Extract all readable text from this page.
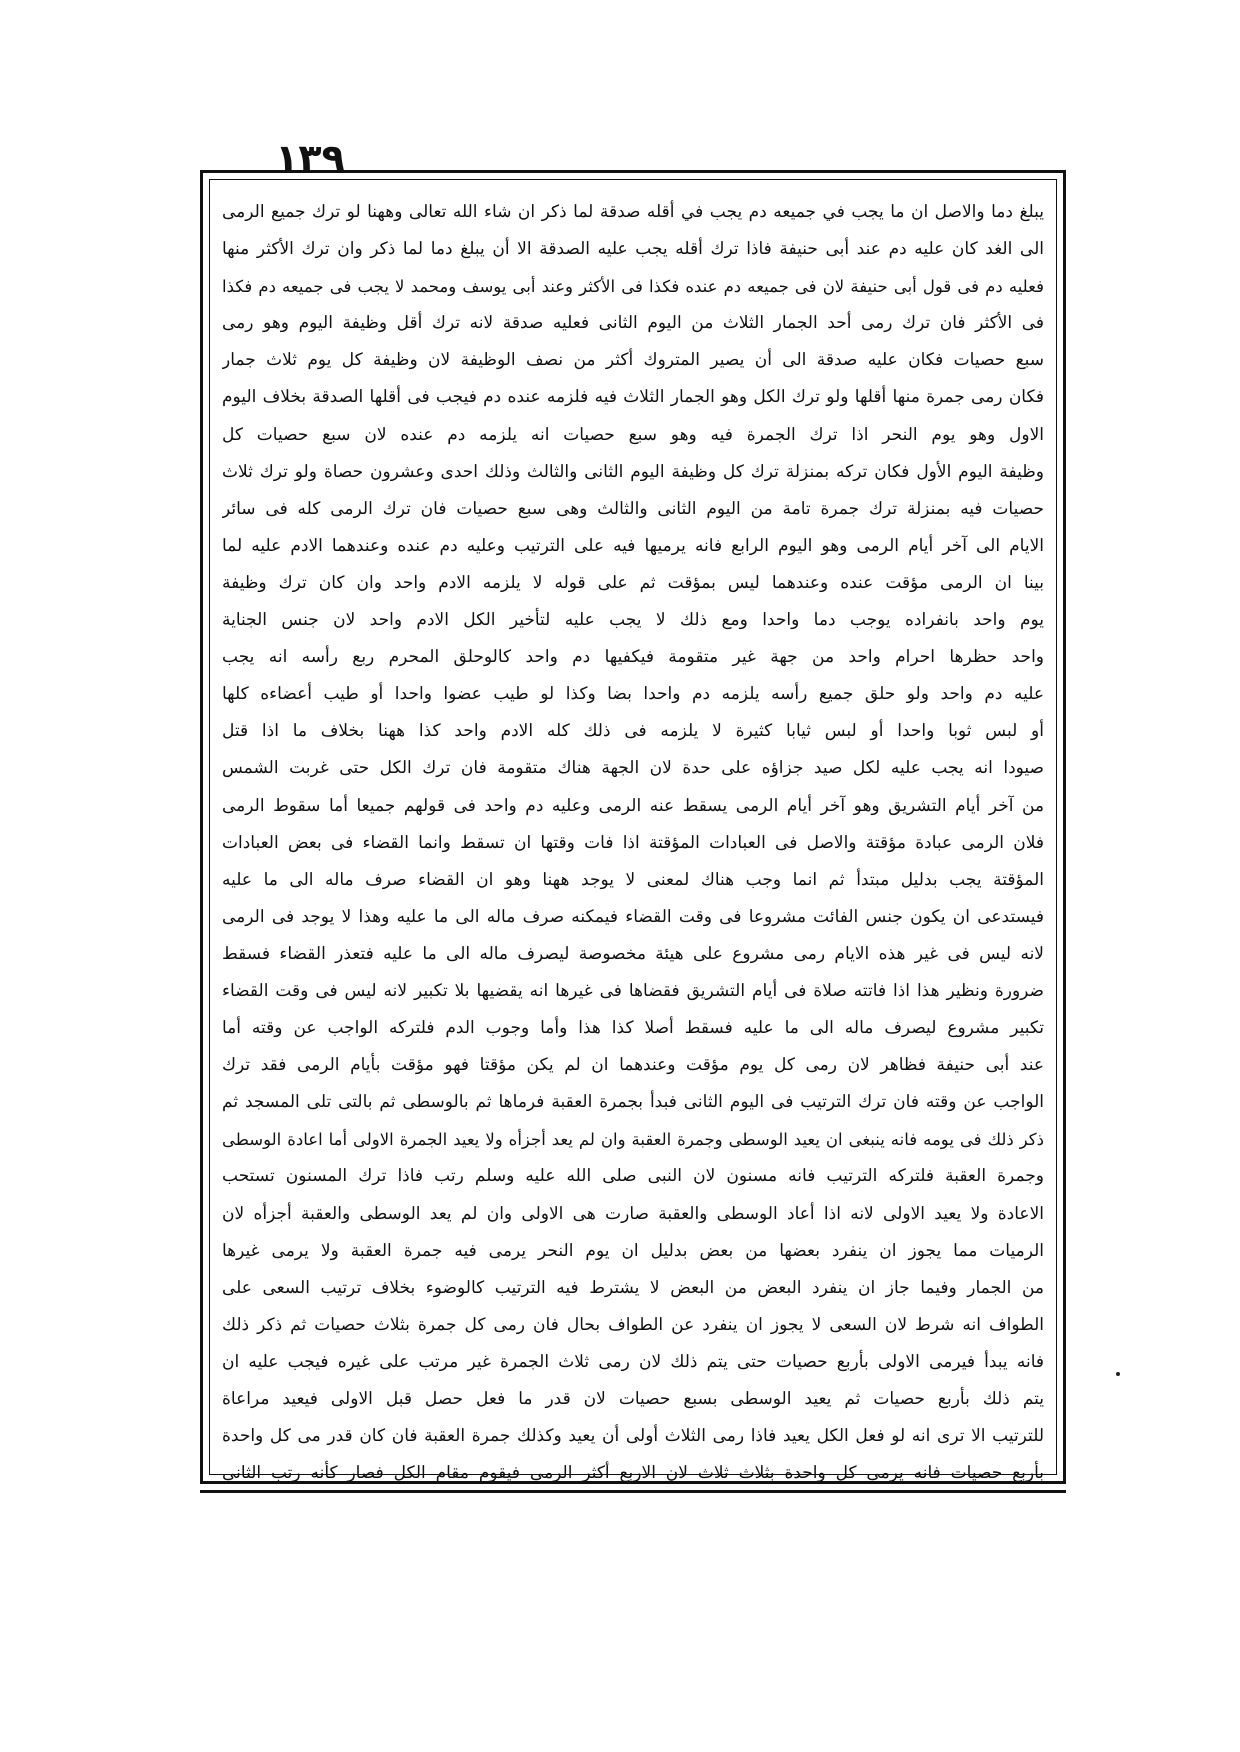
١٣٩
يبلغ دما والاصل ان ما يجب في جميعه دم يجب في أقله صدقة لما ذكر ان شاء الله تعالى وههنا لو ترك جميع الرمى
الى الغد كان عليه دم عند أبى حنيفة فاذا ترك أقله يجب عليه الصدقة الا أن يبلغ دما لما ذكر وان ترك الأكثر منها
فعليه دم فى قول أبى حنيفة لان فى جميعه دم عنده فكذا فى الأكثر وعند أبى يوسف ومحمد لا يجب فى جميعه دم فكذا
فى الأكثر فان ترك رمى أحد الجمار الثلاث من اليوم الثانى فعليه صدقة لانه ترك أقل وظيفة اليوم وهو رمى
سبع حصيات فكان عليه صدقة الى أن يصير المتروك أكثر من نصف الوظيفة لان وظيفة كل يوم ثلاث جمار
فكان رمى جمرة منها أقلها ولو ترك الكل وهو الجمار الثلاث فيه فلزمه عنده دم فيجب فى أقلها الصدقة بخلاف اليوم
الاول وهو يوم النحر اذا ترك الجمرة فيه وهو سبع حصيات انه يلزمه دم عنده لان سبع حصيات كل
وظيفة اليوم الأول فكان تركه بمنزلة ترك كل وظيفة اليوم الثانى والثالث وذلك احدى وعشرون حصاة ولو ترك ثلاث
حصيات فيه بمنزلة ترك جمرة تامة من اليوم الثانى والثالث وهى سبع حصيات فان ترك الرمى كله فى سائر
الايام الى آخر أيام الرمى وهو اليوم الرابع فانه يرميها فيه على الترتيب وعليه دم عنده وعندهما الادم عليه لما
بينا ان الرمى مؤقت عنده وعندهما ليس بمؤقت ثم على قوله لا يلزمه الادم واحد وان كان ترك وظيفة
يوم واحد بانفراده يوجب دما واحدا ومع ذلك لا يجب عليه لتأخير الكل الادم واحد لان جنس الجناية
واحد حظرها احرام واحد من جهة غير متقومة فيكفيها دم واحد كالوحلق المحرم ربع رأسه انه يجب
عليه دم واحد ولو حلق جميع رأسه يلزمه دم واحدا بضا وكذا لو طيب عضوا واحدا أو طيب أعضاءه كلها
أو لبس ثوبا واحدا أو لبس ثيابا كثيرة لا يلزمه فى ذلك كله الادم واحد كذا ههنا بخلاف ما اذا قتل
صيودا انه يجب عليه لكل صيد جزاؤه على حدة لان الجهة هناك متقومة فان ترك الكل حتى غربت الشمس
من آخر أيام التشريق وهو آخر أيام الرمى يسقط عنه الرمى وعليه دم واحد فى قولهم جميعا أما سقوط الرمى
فلان الرمى عبادة مؤقتة والاصل فى العبادات المؤقتة اذا فات وقتها ان تسقط وانما القضاء فى بعض العبادات
المؤقتة يجب بدليل مبتدأ ثم انما وجب هناك لمعنى لا يوجد ههنا وهو ان القضاء صرف ماله الى ما عليه
فيستدعى ان يكون جنس الفائت مشروعا فى وقت القضاء فيمكنه صرف ماله الى ما عليه وهذا لا يوجد فى الرمى
لانه ليس فى غير هذه الايام رمى مشروع على هيئة مخصوصة ليصرف ماله الى ما عليه فتعذر القضاء فسقط
ضرورة ونظير هذا اذا فاتته صلاة فى أيام التشريق فقضاها فى غيرها انه يقضيها بلا تكبير لانه ليس فى وقت القضاء
تكبير مشروع ليصرف ماله الى ما عليه فسقط أصلا كذا هذا وأما وجوب الدم فلتركه الواجب عن وقته أما
عند أبى حنيفة فظاهر لان رمى كل يوم مؤقت وعندهما ان لم يكن مؤقتا فهو مؤقت بأيام الرمى فقد ترك
الواجب عن وقته فان ترك الترتيب فى اليوم الثانى فبدأ بجمرة العقبة فرماها ثم بالوسطى ثم بالتى تلى المسجد ثم
ذكر ذلك فى يومه فانه ينبغى ان يعيد الوسطى وجمرة العقبة وان لم يعد أجزأه ولا يعيد الجمرة الاولى أما اعادة الوسطى
وجمرة العقبة فلتركه الترتيب فانه مسنون لان النبى صلى الله عليه وسلم رتب فاذا ترك المسنون تستحب
الاعادة ولا يعيد الاولى لانه اذا أعاد الوسطى والعقبة صارت هى الاولى وان لم يعد الوسطى والعقبة أجزأه لان
الرميات مما يجوز ان ينفرد بعضها من بعض بدليل ان يوم النحر يرمى فيه جمرة العقبة ولا يرمى غيرها
من الجمار وفيما جاز ان ينفرد البعض من البعض لا يشترط فيه الترتيب كالوضوء بخلاف ترتيب السعى على
الطواف انه شرط لان السعى لا يجوز ان ينفرد عن الطواف بحال فان رمى كل جمرة بثلاث حصيات ثم ذكر ذلك
فانه يبدأ فيرمى الاولى بأربع حصيات حتى يتم ذلك لان رمى ثلاث الجمرة غير مرتب على غيره فيجب عليه ان
يتم ذلك بأربع حصيات ثم يعيد الوسطى بسبع حصيات لان قدر ما فعل حصل قبل الاولى فيعيد مراعاة
للترتيب الا ترى انه لو فعل الكل يعيد فاذا رمى الثلاث أولى أن يعيد وكذلك جمرة العقبة فان كان قدر مى كل واحدة
بأربع حصيات فانه يرمى كل واحدة بثلاث ثلاث لان الاربع أكثر الرمى فيقوم مقام الكل فصار كأنه رتب الثانى
